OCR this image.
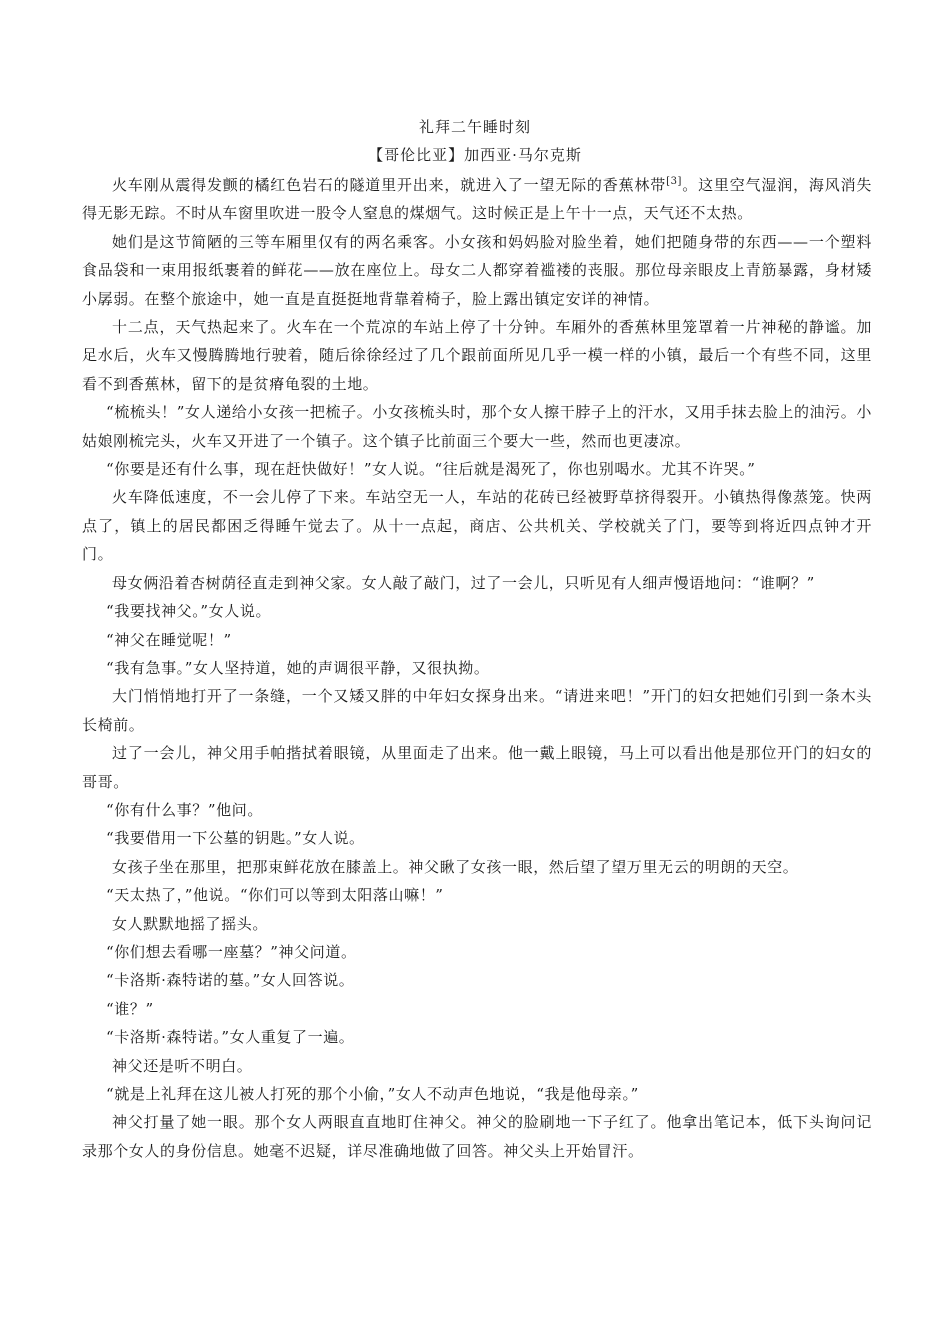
礼拜二午睡时刻
【哥伦比亚】加西亚·马尔克斯

火车刚从震得发颤的橘红色岩石的隧道里开出来，就进入了一望无际的香蕉林带[3]。这里空气湿润，海风消失得无影无踪。不时从车窗里吹进一股令人窒息的煤烟气。这时候正是上午十一点，天气还不太热。

她们是这节简陋的三等车厢里仅有的两名乘客。小女孩和妈妈脸对脸坐着，她们把随身带的东西——一个塑料食品袋和一束用报纸裹着的鲜花——放在座位上。母女二人都穿着褴褛的丧服。那位母亲眼皮上青筋暴露，身材矮小孱弱。在整个旅途中，她一直是直挺挺地背靠着椅子，脸上露出镇定安详的神情。

十二点，天气热起来了。火车在一个荒凉的车站上停了十分钟。车厢外的香蕉林里笼罩着一片神秘的静谧。加足水后，火车又慢腾腾地行驶着，随后徐徐经过了几个跟前面所见几乎一模一样的小镇，最后一个有些不同，这里看不到香蕉林，留下的是贫瘠龟裂的土地。

“梳梳头！”女人递给小女孩一把梳子。小女孩梳头时，那个女人擦干脖子上的汗水，又用手抹去脸上的油污。小姑娘刚梳完头，火车又开进了一个镇子。这个镇子比前面三个要大一些，然而也更凄凉。

“你要是还有什么事，现在赶快做好！”女人说。“往后就是渴死了，你也别喝水。尤其不许哭。”

火车降低速度，不一会儿停了下来。车站空无一人，车站的花砖已经被野草挤得裂开。小镇热得像蒸笼。快两点了，镇上的居民都困乏得睡午觉去了。从十一点起，商店、公共机关、学校就关了门，要等到将近四点钟才开门。

母女俩沿着杏树荫径直走到神父家。女人敲了敲门，过了一会儿，只听见有人细声慢语地问：“谁啊？”

“我要找神父。”女人说。

“神父在睡觉呢！”

“我有急事。”女人坚持道，她的声调很平静，又很执拗。

大门悄悄地打开了一条缝，一个又矮又胖的中年妇女探身出来。“请进来吧！”开门的妇女把她们引到一条木头长椅前。

过了一会儿，神父用手帕揩拭着眼镜，从里面走了出来。他一戴上眼镜，马上可以看出他是那位开门的妇女的哥哥。

“你有什么事？”他问。

“我要借用一下公墓的钥匙。”女人说。

女孩子坐在那里，把那束鲜花放在膝盖上。神父瞅了女孩一眼，然后望了望万里无云的明朗的天空。

“天太热了，”他说。“你们可以等到太阳落山嘛！”

女人默默地摇了摇头。

“你们想去看哪一座墓？”神父问道。

“卡洛斯·森特诺的墓。”女人回答说。

“谁？”

“卡洛斯·森特诺。”女人重复了一遍。

神父还是听不明白。

“就是上礼拜在这儿被人打死的那个小偷，”女人不动声色地说，“我是他母亲。”

神父打量了她一眼。那个女人两眼直直地盯住神父。神父的脸刷地一下子红了。他拿出笔记本，低下头询问记录那个女人的身份信息。她毫不迟疑，详尽准确地做了回答。神父头上开始冒汗。
